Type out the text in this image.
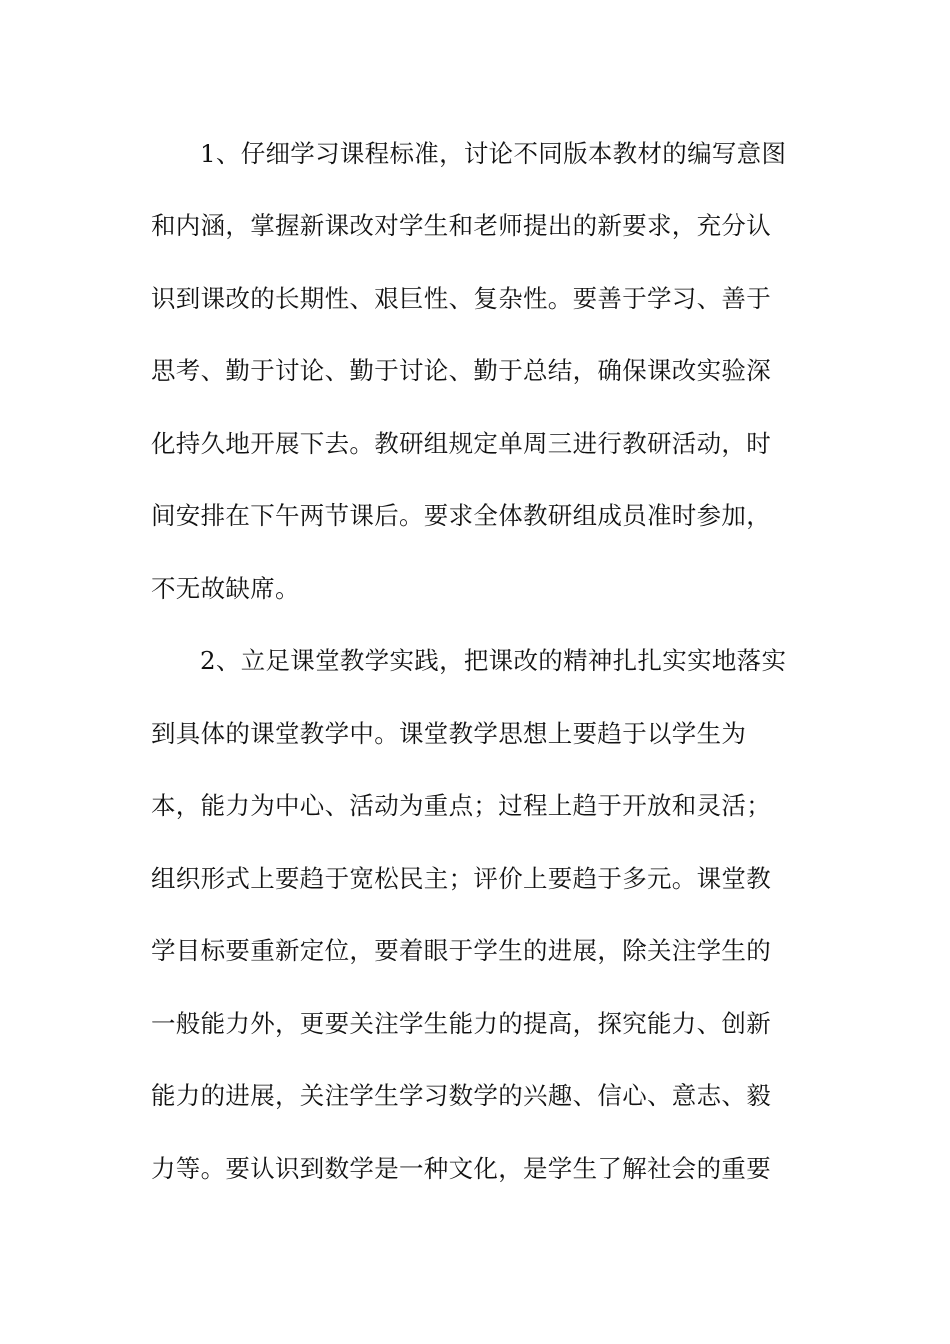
1、仔细学习课程标准，讨论不同版本教材的编写意图
和内涵，掌握新课改对学生和老师提出的新要求，充分认
识到课改的长期性、艰巨性、复杂性。要善于学习、善于
思考、勤于讨论、勤于讨论、勤于总结，确保课改实验深
化持久地开展下去。教研组规定单周三进行教研活动，时
间安排在下午两节课后。要求全体教研组成员准时参加，
不无故缺席。
2、立足课堂教学实践，把课改的精神扎扎实实地落实
到具体的课堂教学中。课堂教学思想上要趋于以学生为
本，能力为中心、活动为重点；过程上趋于开放和灵活；
组织形式上要趋于宽松民主；评价上要趋于多元。课堂教
学目标要重新定位，要着眼于学生的进展，除关注学生的
一般能力外，更要关注学生能力的提高，探究能力、创新
能力的进展，关注学生学习数学的兴趣、信心、意志、毅
力等。要认识到数学是一种文化，是学生了解社会的重要
